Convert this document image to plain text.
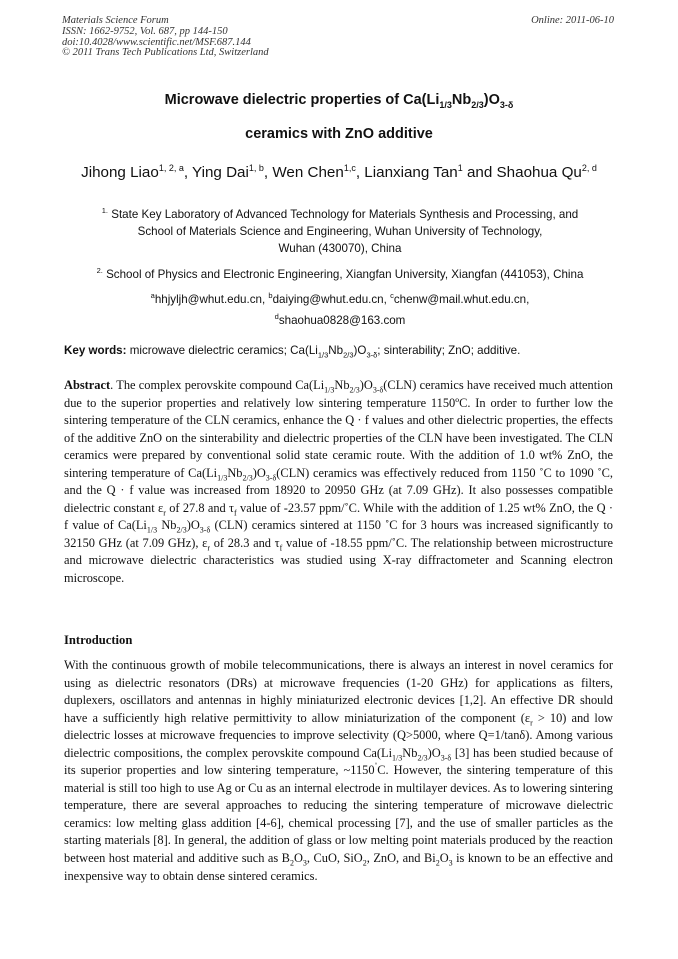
Materials Science Forum
ISSN: 1662-9752, Vol. 687, pp 144-150
doi:10.4028/www.scientific.net/MSF.687.144
© 2011 Trans Tech Publications Ltd, Switzerland
Online: 2011-06-10
Microwave dielectric properties of $Ca(Li_{1/3}Nb_{2/3})O_{3-\delta}$
ceramics with ZnO additive
Jihong Liao$^{1, 2, a}$, Ying Dai$^{1, b}$, Wen Chen$^{1,c}$, Lianxiang Tan$^1$ and Shaohua Qu$^{2, d}$
$^{1.}$ State Key Laboratory of Advanced Technology for Materials Synthesis and Processing, and
School of Materials Science and Engineering, Wuhan University of Technology,
Wuhan (430070), China
$^{2.}$ School of Physics and Electronic Engineering, Xiangfan University, Xiangfan (441053), China
$^a$hhjyljh@whut.edu.cn, $^b$daiying@whut.edu.cn, $^c$chenw@mail.whut.edu.cn,
$^d$shaohua0828@163.com
Key words: microwave dielectric ceramics; $Ca(Li_{1/3}Nb_{2/3})O_{3-\delta}$; sinterability; ZnO; additive.
Abstract. The complex perovskite compound $Ca(Li_{1/3}Nb_{2/3})O_{3-\delta}(CLN)$ ceramics have received much attention due to the superior properties and relatively low sintering temperature 1150ºC. In order to further low the sintering temperature of the CLN ceramics, enhance the Q · f values and other dielectric properties, the effects of the additive ZnO on the sinterability and dielectric properties of the CLN have been investigated. The CLN ceramics were prepared by conventional solid state ceramic route. With the addition of 1.0 wt% ZnO, the sintering temperature of $Ca(Li_{1/3}Nb_{2/3})O_{3-\delta}(CLN)$ ceramics was effectively reduced from 1150 ˚C to 1090 ˚C, and the Q · f value was increased from 18920 to 20950 GHz (at 7.09 GHz). It also possesses compatible dielectric constant $\varepsilon_r$ of 27.8 and $\tau_f$ value of -23.57 ppm/˚C. While with the addition of 1.25 wt% ZnO, the Q · f value of $Ca(Li_{1/3}$ $Nb_{2/3})O_{3-\delta}$ (CLN) ceramics sintered at 1150 ˚C for 3 hours was increased significantly to 32150 GHz (at 7.09 GHz), $\varepsilon_r$ of 28.3 and $\tau_f$ value of -18.55 ppm/˚C. The relationship between microstructure and microwave dielectric characteristics was studied using X-ray diffractometer and Scanning electron microscope.
Introduction
With the continuous growth of mobile telecommunications, there is always an interest in novel ceramics for using as dielectric resonators (DRs) at microwave frequencies (1-20 GHz) for applications as filters, duplexers, oscillators and antennas in highly miniaturized electronic devices [1,2]. An effective DR should have a sufficiently high relative permittivity to allow miniaturization of the component $(\varepsilon_r > 10)$ and low dielectric losses at microwave frequencies to improve selectivity (Q>5000, where Q=1/tanδ). Among various dielectric compositions, the complex perovskite compound $Ca(Li_{1/3}Nb_{2/3})O_{3-\delta}$ [3] has been studied because of its superior properties and low sintering temperature, ~1150˚C. However, the sintering temperature of this material is still too high to use Ag or Cu as an internal electrode in multilayer devices. As to lowering sintering temperature, there are several approaches to reducing the sintering temperature of microwave dielectric ceramics: low melting glass addition [4-6], chemical processing [7], and the use of smaller particles as the starting materials [8]. In general, the addition of glass or low melting point materials produced by the reaction between host material and additive such as $B_2O_3$, CuO, SiO$_2$, ZnO, and $Bi_2O_3$ is known to be an effective and inexpensive way to obtain dense sintered ceramics.
